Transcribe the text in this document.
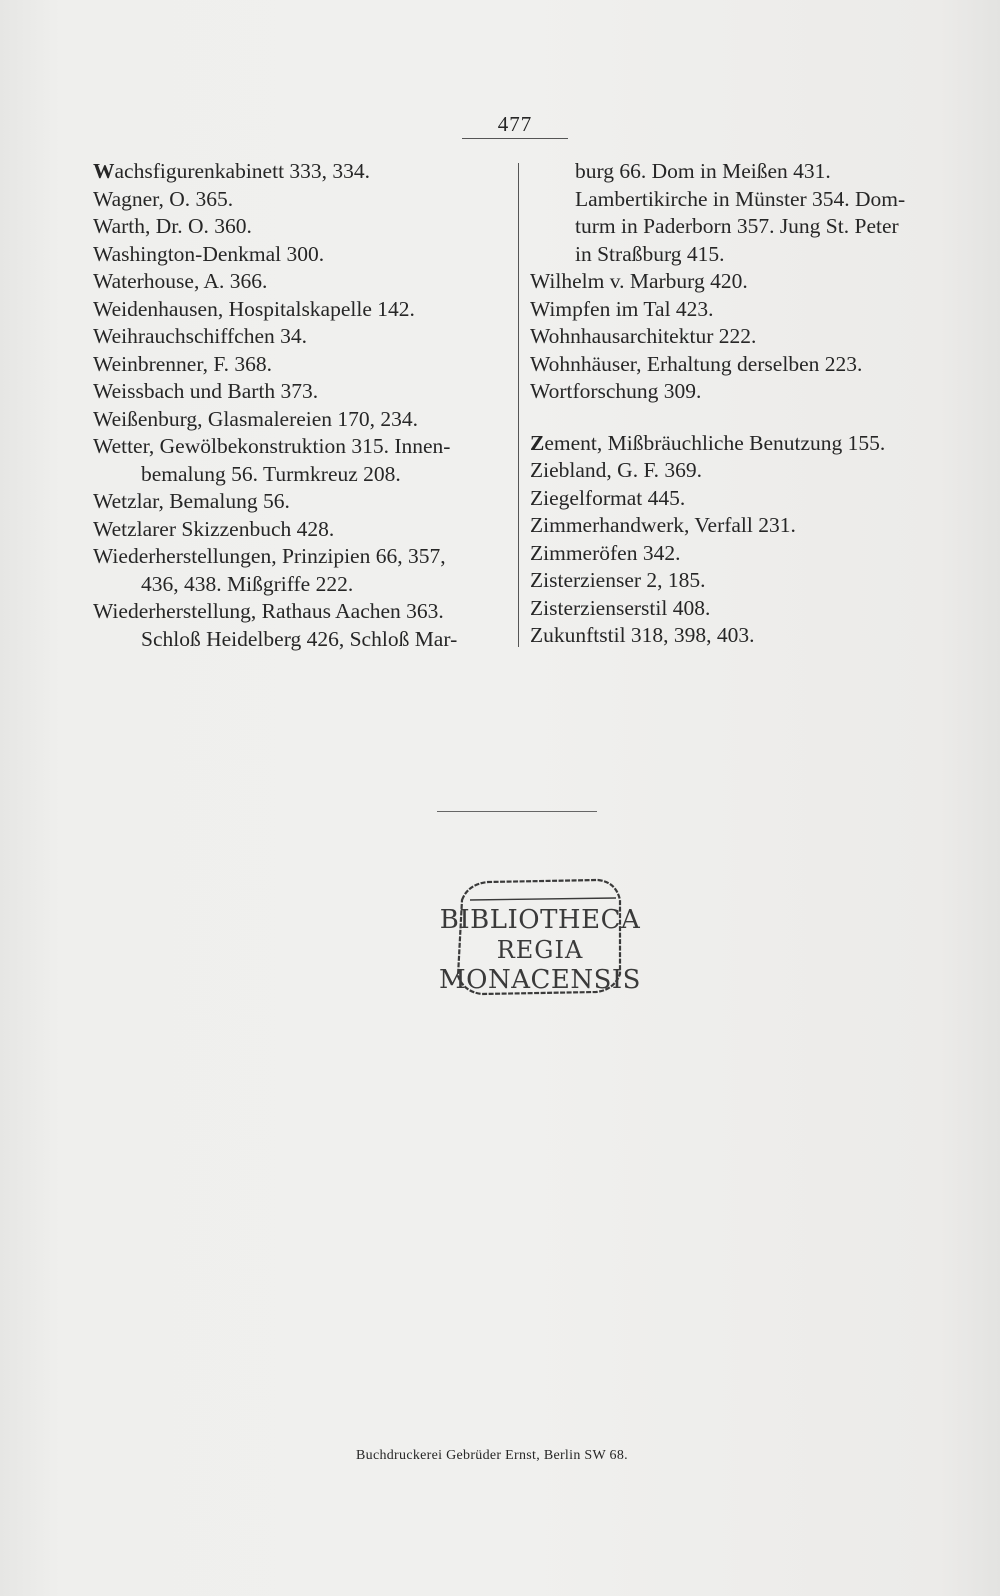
477
Wachsfigurenkabinett 333, 334.
Wagner, O. 365.
Warth, Dr. O. 360.
Washington-Denkmal 300.
Waterhouse, A. 366.
Weidenhausen, Hospitalskapelle 142.
Weihrauchschiffchen 34.
Weinbrenner, F. 368.
Weissbach und Barth 373.
Weißenburg, Glasmalereien 170, 234.
Wetter, Gewölbekonstruktion 315. Innen-
bemalung 56. Turmkreuz 208.
Wetzlar, Bemalung 56.
Wetzlarer Skizzenbuch 428.
Wiederherstellungen, Prinzipien 66, 357,
436, 438. Mißgriffe 222.
Wiederherstellung, Rathaus Aachen 363.
Schloß Heidelberg 426, Schloß Mar-
burg 66. Dom in Meißen 431.
Lambertikirche in Münster 354. Dom-
turm in Paderborn 357. Jung St. Peter
in Straßburg 415.
Wilhelm v. Marburg 420.
Wimpfen im Tal 423.
Wohnhausarchitektur 222.
Wohnhäuser, Erhaltung derselben 223.
Wortforschung 309.
Zement, Mißbräuchliche Benutzung 155.
Ziebland, G. F. 369.
Ziegelformat 445.
Zimmerhandwerk, Verfall 231.
Zimmeröfen 342.
Zisterzienser 2, 185.
Zisterzienserstil 408.
Zukunftstil 318, 398, 403.
BIBLIOTHECA
REGIA
MONACENSIS
Buchdruckerei Gebrüder Ernst, Berlin SW 68.
